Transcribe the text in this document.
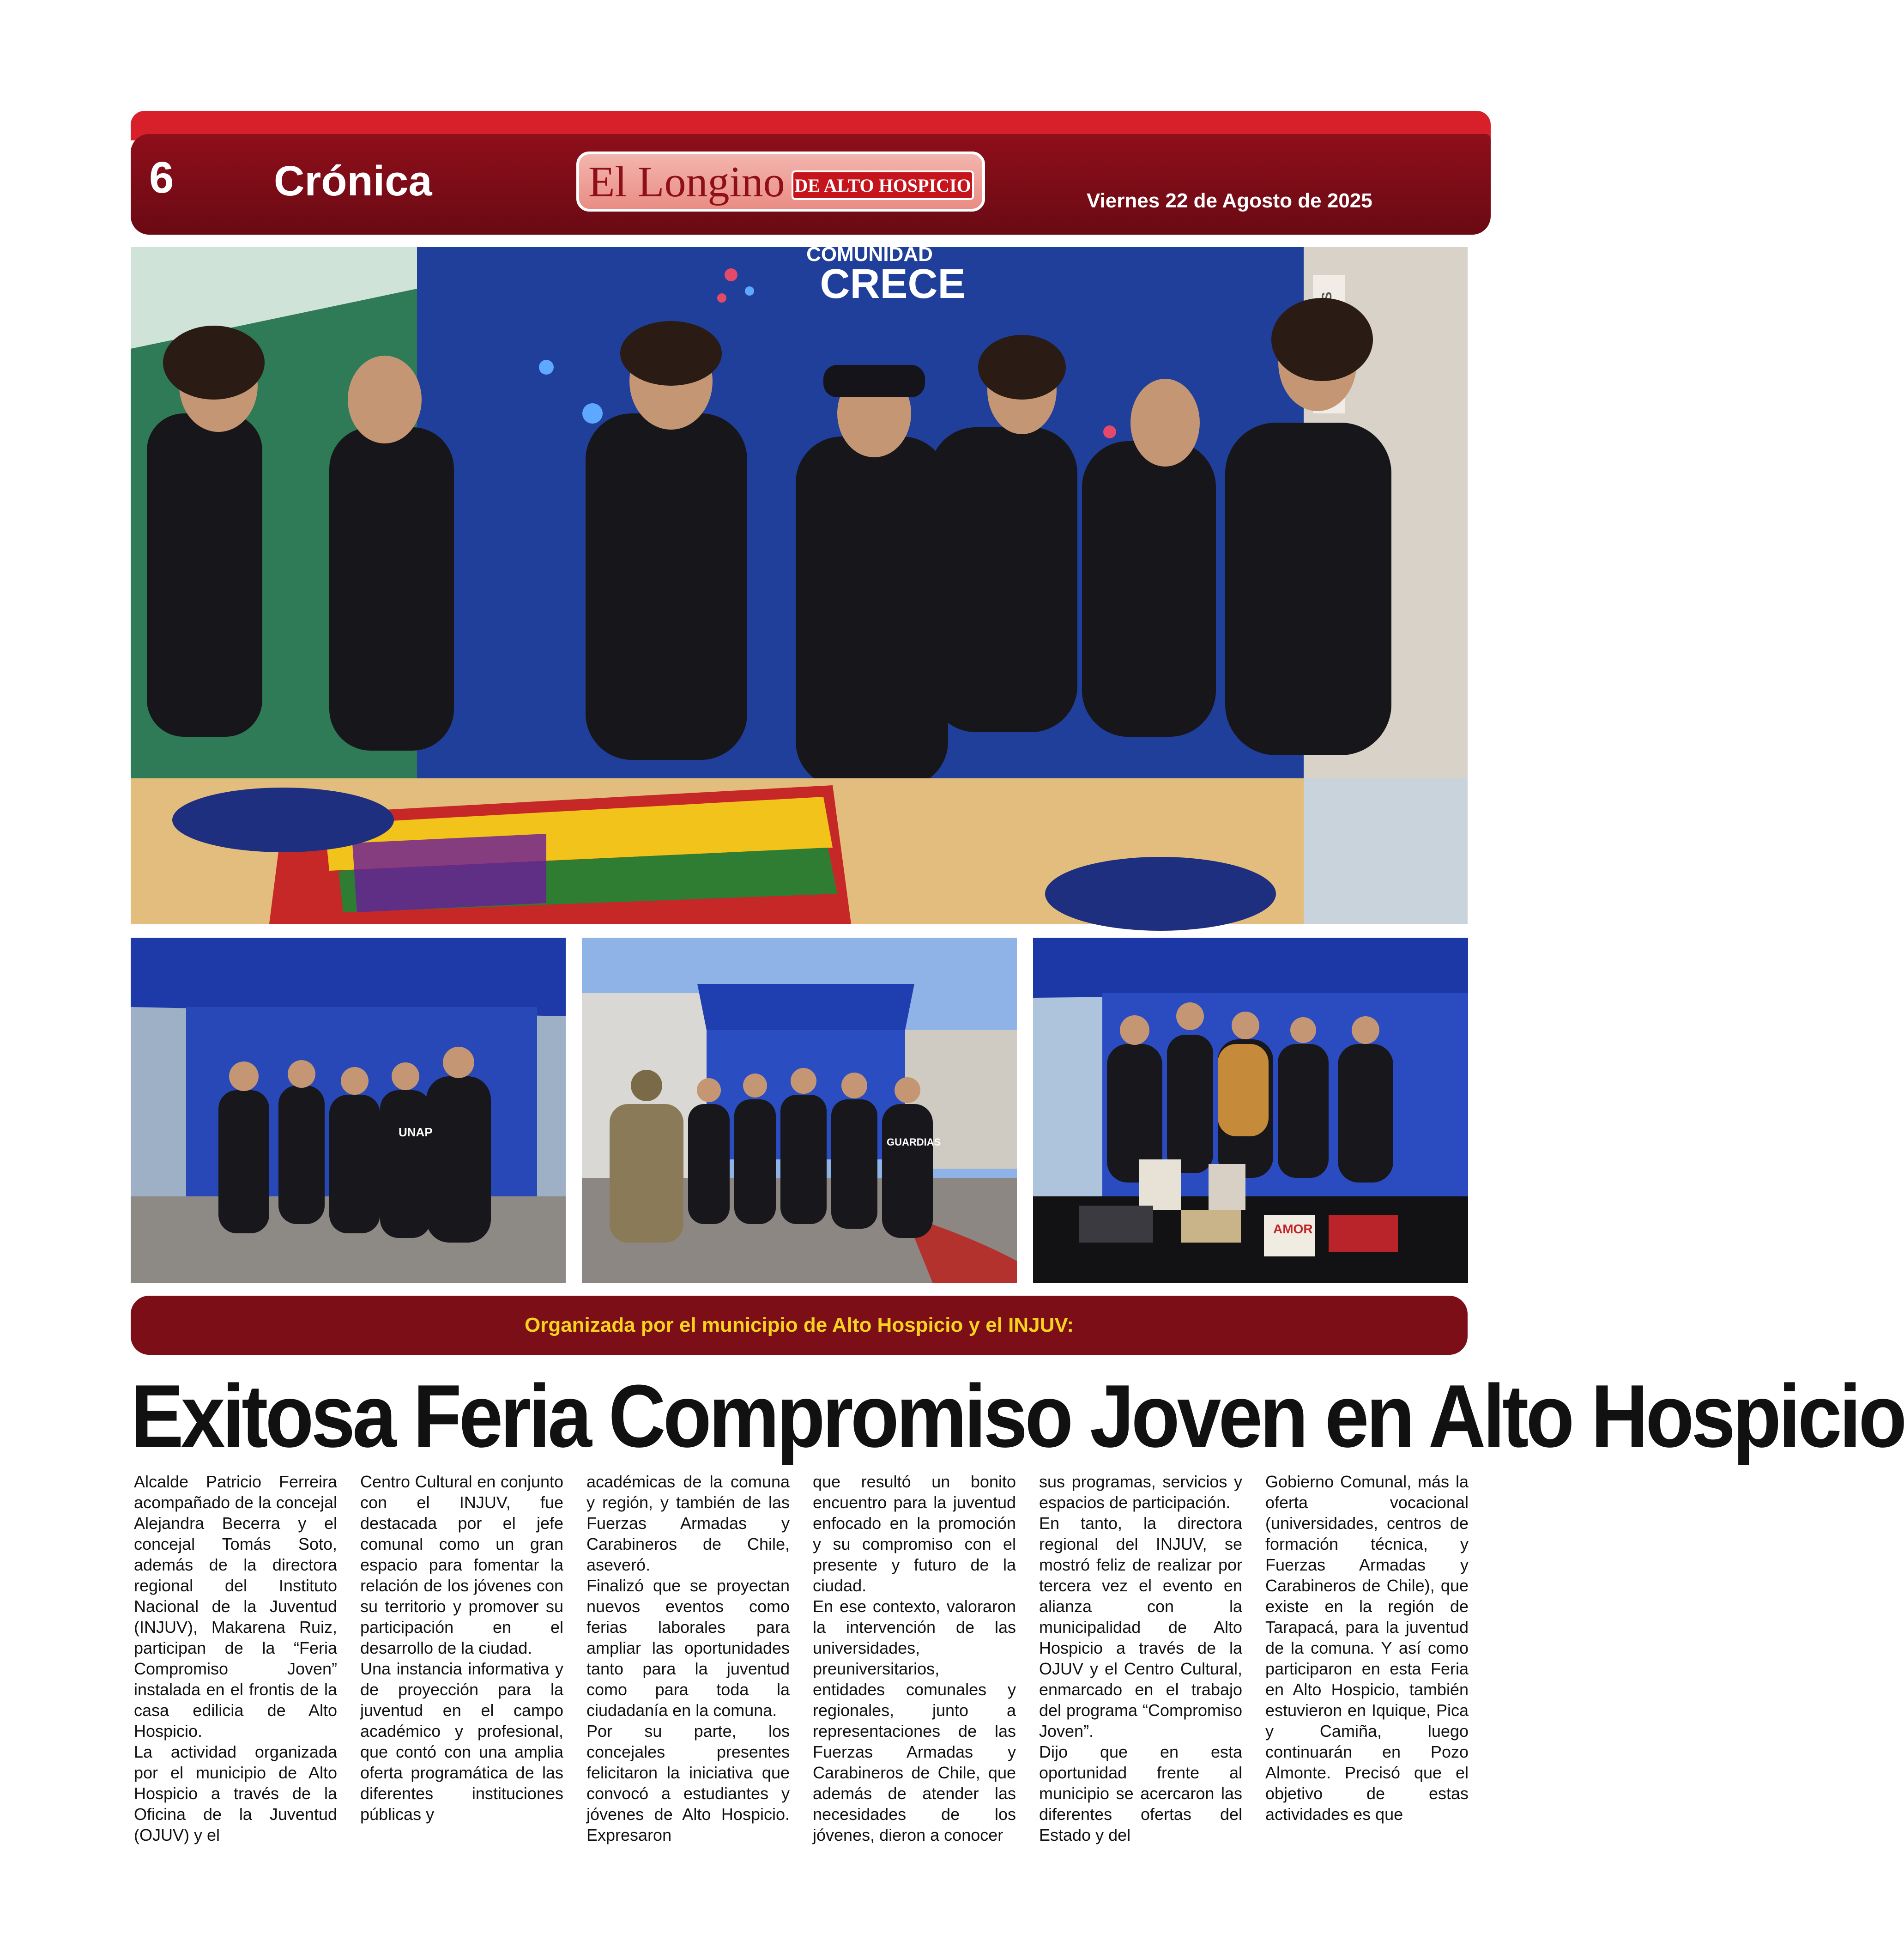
6 Crónica	El Longino DE ALTO HOSPICIO
Viernes 22 de Agosto de 2025
COMUNIDAD
CRECE
UNAP
GUARDIAS
AMOR
Organizada por el municipio de Alto Hospicio y el INJUV:
Exitosa Feria Compromiso Joven en Alto Hospicio

Alcalde Patricio Ferreira acompañado de la concejal Alejandra Becerra y el concejal Tomás Soto, además de la directora regional del Instituto Nacional de la Juventud (INJUV), Makarena Ruiz, participan de la “Feria Compromiso Joven” instalada en el frontis de la casa edilicia de Alto Hospicio.

La actividad organizada por el municipio de Alto Hospicio a través de la Oficina de la Juventud (OJUV) y el

Centro Cultural en conjunto con el INJUV, fue destacada por el jefe comunal como un gran espacio para fomentar la relación de los jóvenes con su territorio y promover su participación en el desarrollo de la ciudad.

Una instancia informativa y de proyección para la juventud en el campo académico y profesional, que contó con una amplia oferta programática de las diferentes instituciones públicas y

académicas de la comuna y región, y también de las Fuerzas Armadas y Carabineros de Chile, aseveró.

Finalizó que se proyectan nuevos eventos como ferias laborales para ampliar las oportunidades tanto para la juventud como para toda la ciudadanía en la comuna.

Por su parte, los concejales presentes felicitaron la iniciativa que convocó a estudiantes y jóvenes de Alto Hospicio. Expresaron

que resultó un bonito encuentro para la juventud enfocado en la promoción y su compromiso con el presente y futuro de la ciudad.

En ese contexto, valoraron la intervención de las universidades, preuniversitarios, entidades comunales y regionales, junto a representaciones de las Fuerzas Armadas y Carabineros de Chile, que además de atender las necesidades de los jóvenes, dieron a conocer

sus programas, servicios y espacios de participación.

En tanto, la directora regional del INJUV, se mostró feliz de realizar por tercera vez el evento en alianza con la municipalidad de Alto Hospicio a través de la OJUV y el Centro Cultural, enmarcado en el trabajo del programa “Compromiso Joven”.

Dijo que en esta oportunidad frente al municipio se acercaron las diferentes ofertas del Estado y del

Gobierno Comunal, más la oferta vocacional (universidades, centros de formación técnica, y Fuerzas Armadas y Carabineros de Chile), que existe en la región de Tarapacá, para la juventud de la comuna. Y así como participaron en esta Feria en Alto Hospicio, también estuvieron en Iquique, Pica y Camiña, luego continuarán en Pozo Almonte. Precisó que el objetivo de estas actividades es que
